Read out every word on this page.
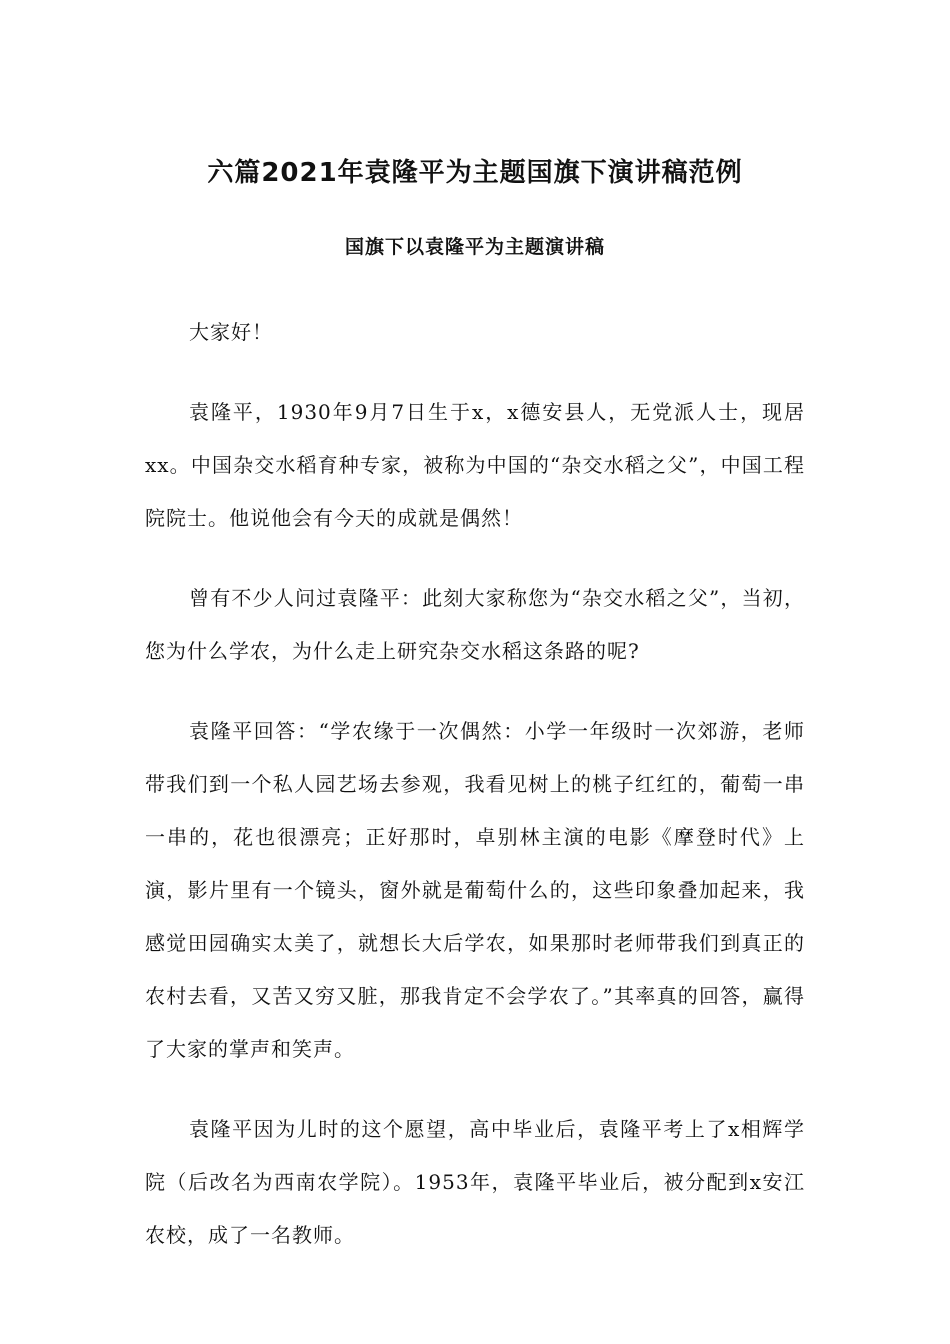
六篇2021年袁隆平为主题国旗下演讲稿范例
国旗下以袁隆平为主题演讲稿

大家好！

袁隆平，1930年9月7日生于x，x德安县人，无党派人士，现居xx。中国杂交水稻育种专家，被称为中国的“杂交水稻之父”，中国工程院院士。他说他会有今天的成就是偶然！

曾有不少人问过袁隆平：此刻大家称您为“杂交水稻之父”，当初，您为什么学农，为什么走上研究杂交水稻这条路的呢?

袁隆平回答：“学农缘于一次偶然：小学一年级时一次郊游，老师带我们到一个私人园艺场去参观，我看见树上的桃子红红的，葡萄一串一串的，花也很漂亮；正好那时，卓别林主演的电影《摩登时代》上演，影片里有一个镜头，窗外就是葡萄什么的，这些印象叠加起来，我感觉田园确实太美了，就想长大后学农，如果那时老师带我们到真正的农村去看，又苦又穷又脏，那我肯定不会学农了。”其率真的回答，赢得了大家的掌声和笑声。

袁隆平因为儿时的这个愿望，高中毕业后，袁隆平考上了x相辉学院（后改名为西南农学院）。1953年，袁隆平毕业后，被分配到x安江农校，成了一名教师。
